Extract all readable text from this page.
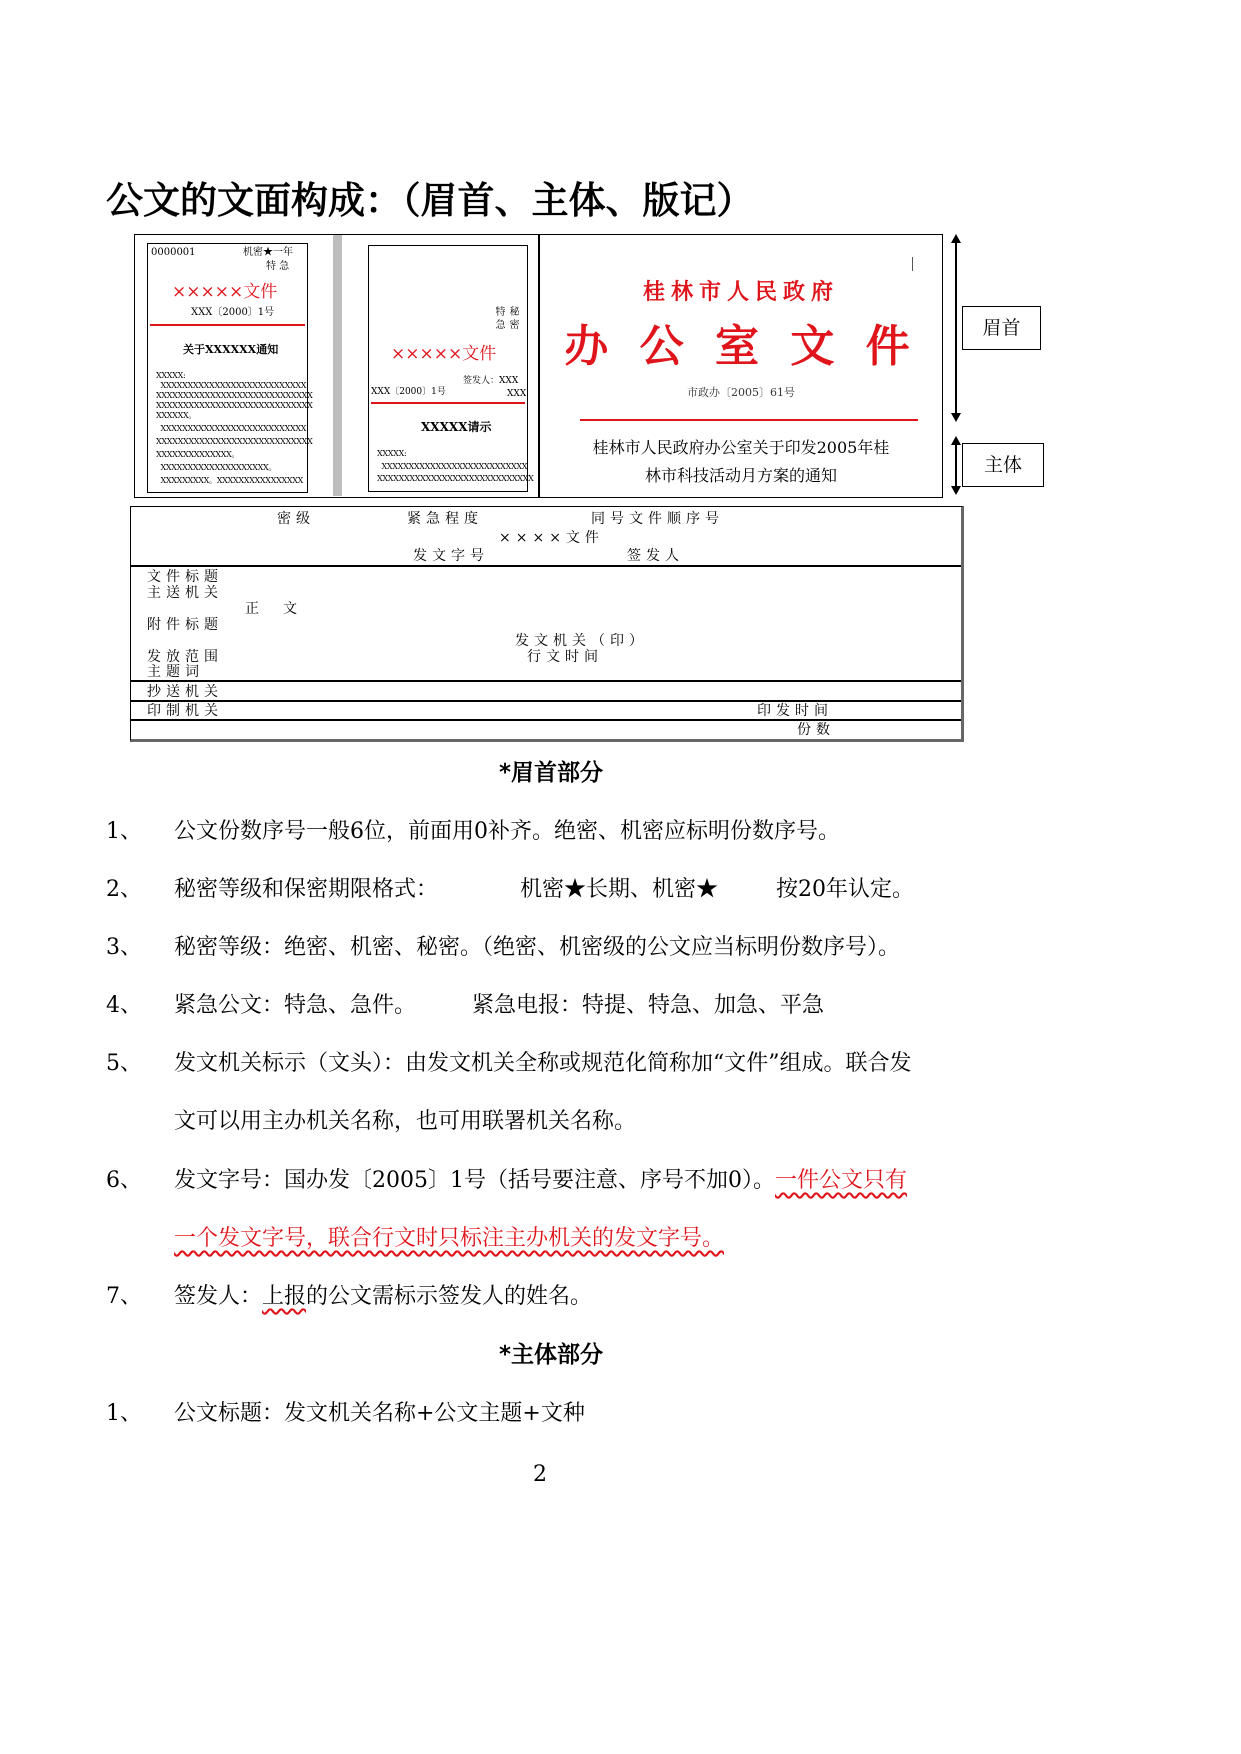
公文的文面构成：（眉首、主体、版记）
0000001	机密★一年
特 急
×××××文件
XXX〔2000〕1号
关于XXXXXX通知
XXXXX:
XXXXXXXXXXXXXXXXXXXXXXXXXXX
XXXXXXXXXXXXXXXXXXXXXXXXXXXXX
XXXXXXXXXXXXXXXXXXXXXXXXXXXXX
XXXXXX。
XXXXXXXXXXXXXXXXXXXXXXXXXXX
XXXXXXXXXXXXXXXXXXXXXXXXXXXXX
XXXXXXXXXXXXXX。
XXXXXXXXXXXXXXXXXXXX。
XXXXXXXXX。XXXXXXXXXXXXXXXX
秘密
特急
×××××文件
签发人：XXX
XXX
XXX〔2000〕1号
XXXXX请示
XXXXX:
XXXXXXXXXXXXXXXXXXXXXXXXXXX
XXXXXXXXXXXXXXXXXXXXXXXXXXXXX
桂林市人民政府
办 公 室 文 件
市政办〔2005〕61号
桂林市人民政府办公室关于印发2005年桂
林市科技活动月方案的通知
眉首
主体
密级	紧急程度	同号文件顺序号
××××文件
发文字号	签发人
文件标题
主送机关
正　文
附件标题
发文机关（印）
发放范围	行文时间
主题词
抄送机关
印制机关	印发时间
份数
*眉首部分
1、 公文份数序号一般6位，前面用0补齐。绝密、机密应标明份数序号。
2、 秘密等级和保密期限格式：	机密★长期、机密★	按20年认定。
3、 秘密等级：绝密、机密、秘密。（绝密、机密级的公文应当标明份数序号）。
4、 紧急公文：特急、急件。	紧急电报：特提、特急、加急、平急
5、 发文机关标示（文头）：由发文机关全称或规范化简称加“文件”组成。联合发
文可以用主办机关名称，也可用联署机关名称。
6、 发文字号：国办发〔2005〕1号（括号要注意、序号不加0）。一件公文只有
一个发文字号，联合行文时只标注主办机关的发文字号。
7、 签发人：上报的公文需标示签发人的姓名。
*主体部分
1、 公文标题：发文机关名称+公文主题+文种
2
